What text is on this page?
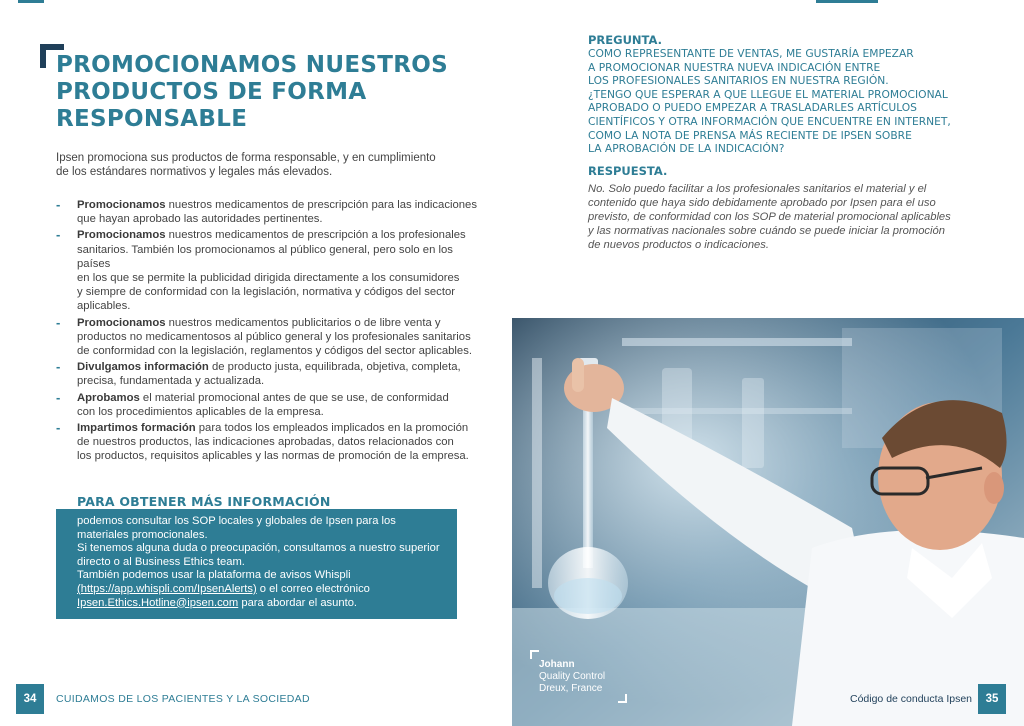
PROMOCIONAMOS NUESTROS
PRODUCTOS DE FORMA
RESPONSABLE

Ipsen promociona sus productos de forma responsable, y en cumplimiento
de los estándares normativos y legales más elevados.

- Promocionamos nuestros medicamentos de prescripción para las indicaciones
que hayan aprobado las autoridades pertinentes.
- Promocionamos nuestros medicamentos de prescripción a los profesionales
sanitarios. También los promocionamos al público general, pero solo en los países
en los que se permite la publicidad dirigida directamente a los consumidores
y siempre de conformidad con la legislación, normativa y códigos del sector
aplicables.
- Promocionamos nuestros medicamentos publicitarios o de libre venta y
productos no medicamentosos al público general y los profesionales sanitarios
de conformidad con la legislación, reglamentos y códigos del sector aplicables.
- Divulgamos información de producto justa, equilibrada, objetiva, completa,
precisa, fundamentada y actualizada.
- Aprobamos el material promocional antes de que se use, de conformidad
con los procedimientos aplicables de la empresa.
- Impartimos formación para todos los empleados implicados en la promoción
de nuestros productos, las indicaciones aprobadas, datos relacionados con
los productos, requisitos aplicables y las normas de promoción de la empresa.
PARA OBTENER MÁS INFORMACIÓN

podemos consultar los SOP locales y globales de Ipsen para los

materiales promocionales.

Si tenemos alguna duda o preocupación, consultamos a nuestro superior

directo o al Business Ethics team.

También podemos usar la plataforma de avisos Whispli

(https://app.whispli.com/IpsenAlerts) o el correo electrónico

Ipsen.Ethics.Hotline@ipsen.com para abordar el asunto.

34	CUIDAMOS DE LOS PACIENTES Y LA SOCIEDAD

PREGUNTA.

COMO REPRESENTANTE DE VENTAS, ME GUSTARÍA EMPEZAR
A PROMOCIONAR NUESTRA NUEVA INDICACIÓN ENTRE
LOS PROFESIONALES SANITARIOS EN NUESTRA REGIÓN.
¿TENGO QUE ESPERAR A QUE LLEGUE EL MATERIAL PROMOCIONAL
APROBADO O PUEDO EMPEZAR A TRASLADARLES ARTÍCULOS
CIENTÍFICOS Y OTRA INFORMACIÓN QUE ENCUENTRE EN INTERNET,
COMO LA NOTA DE PRENSA MÁS RECIENTE DE IPSEN SOBRE
LA APROBACIÓN DE LA INDICACIÓN?

RESPUESTA.

No. Solo puedo facilitar a los profesionales sanitarios el material y el
contenido que haya sido debidamente aprobado por Ipsen para el uso
previsto, de conformidad con los SOP de material promocional aplicables
y las normativas nacionales sobre cuándo se puede iniciar la promoción
de nuevos productos o indicaciones.

Johann
Quality Control
Dreux, France

Código de conducta Ipsen	35
